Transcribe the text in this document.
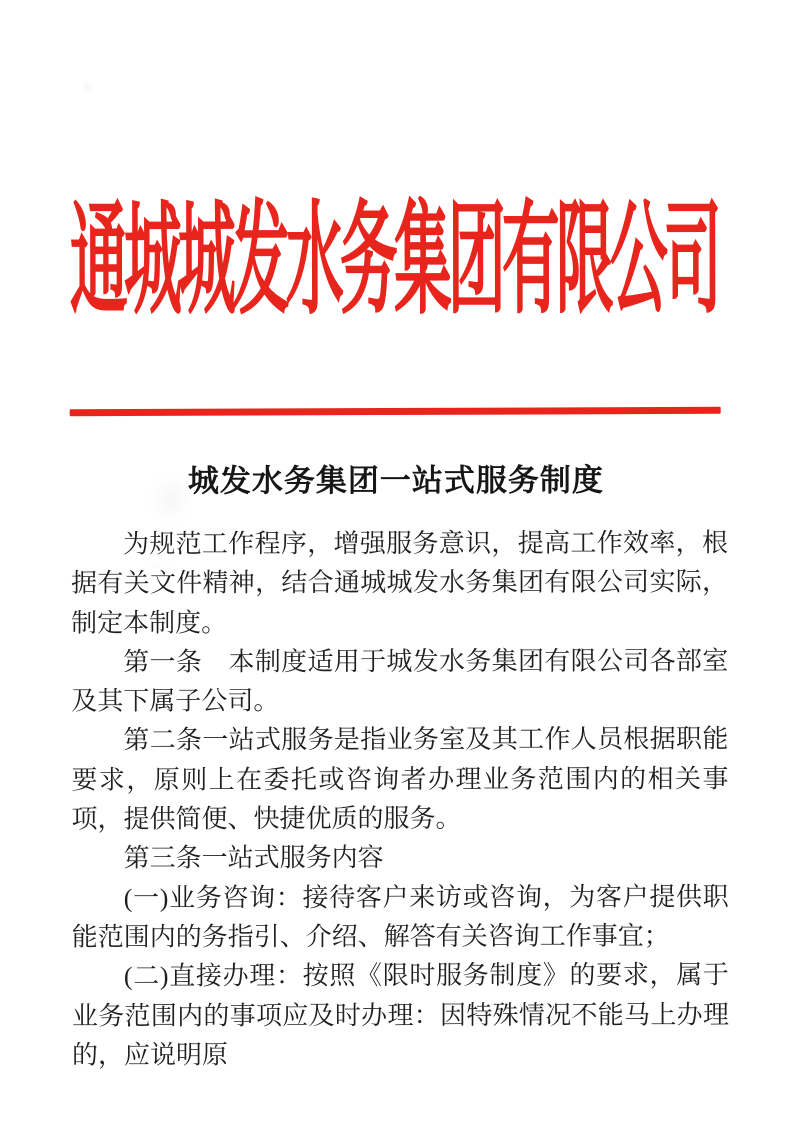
通
城
城
发
水
务
集
团
有
限
公
司
城发水务集团一站式服务制度

为规范工作程序，增强服务意识，提高工作效率，根据有关文件精神，结合通城城发水务集团有限公司实际，制定本制度。

第一条　本制度适用于城发水务集团有限公司各部室及其下属子公司。

第二条一站式服务是指业务室及其工作人员根据职能要求，原则上在委托或咨询者办理业务范围内的相关事项，提供简便、快捷优质的服务。

第三条一站式服务内容

(一)业务咨询：接待客户来访或咨询，为客户提供职能范围内的务指引、介绍、解答有关咨询工作事宜；

(二)直接办理：按照《限时服务制度》的要求，属于业务范围内的事项应及时办理：因特殊情况不能马上办理的，应说明原
